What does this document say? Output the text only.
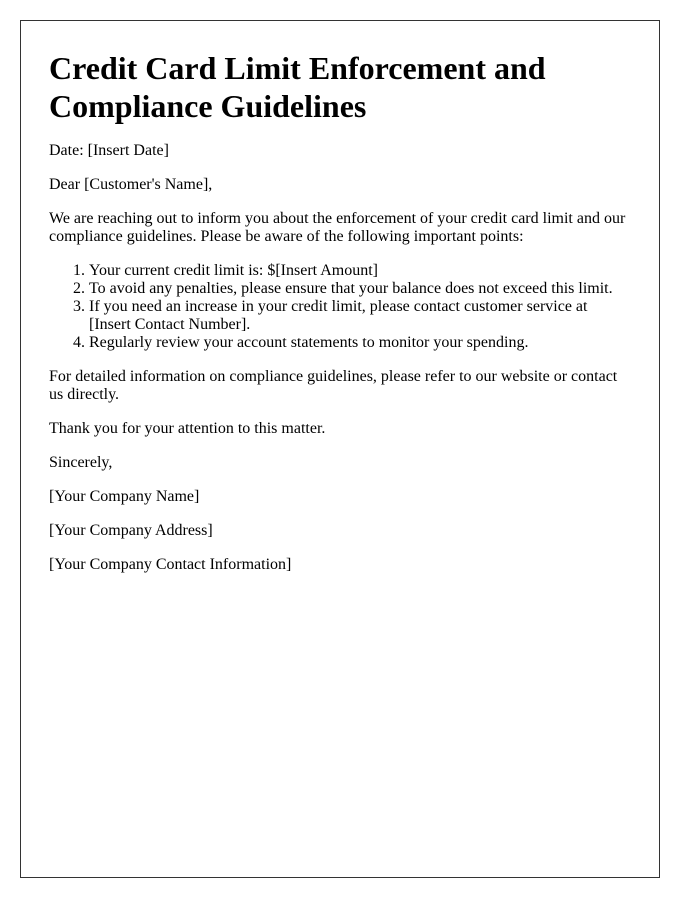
Credit Card Limit Enforcement and Compliance Guidelines

Date: [Insert Date]

Dear [Customer's Name],

We are reaching out to inform you about the enforcement of your credit card limit and our compliance guidelines. Please be aware of the following important points:

1. Your current credit limit is: $[Insert Amount]
2. To avoid any penalties, please ensure that your balance does not exceed this limit.
3. If you need an increase in your credit limit, please contact customer service at [Insert Contact Number].
4. Regularly review your account statements to monitor your spending.

For detailed information on compliance guidelines, please refer to our website or contact us directly.

Thank you for your attention to this matter.

Sincerely,

[Your Company Name]

[Your Company Address]

[Your Company Contact Information]
